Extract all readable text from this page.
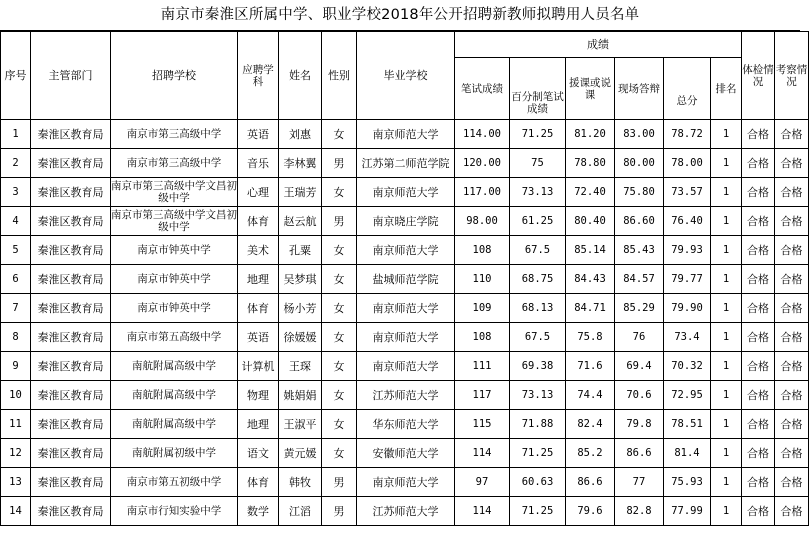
南京市秦淮区所属中学、职业学校2018年公开招聘新教师拟聘用人员名单
序号	主管部门	招聘学校	应聘学科	姓名	性别	毕业学校	成绩						体检情况	考察情况
							笔试成绩	百分制笔试成绩	援课或说课	现场答辩	总分	排名		
1	秦淮区教育局	南京市第三高级中学	英语	刘惠	女	南京师范大学	114.00	71.25	81.20	83.00	78.72	1	合格	合格
2	秦淮区教育局	南京市第三高级中学	音乐	李林翼	男	江苏第二师范学院	120.00	75	78.80	80.00	78.00	1	合格	合格
3	秦淮区教育局	南京市第三高级中学文昌初级中学	心理	王瑞芳	女	南京师范大学	117.00	73.13	72.40	75.80	73.57	1	合格	合格
4	秦淮区教育局	南京市第三高级中学文昌初级中学	体育	赵云航	男	南京晓庄学院	98.00	61.25	80.40	86.60	76.40	1	合格	合格
5	秦淮区教育局	南京市钟英中学	美术	孔粟	女	南京师范大学	108	67.5	85.14	85.43	79.93	1	合格	合格
6	秦淮区教育局	南京市钟英中学	地理	吴梦琪	女	盐城师范学院	110	68.75	84.43	84.57	79.77	1	合格	合格
7	秦淮区教育局	南京市钟英中学	体育	杨小芳	女	南京师范大学	109	68.13	84.71	85.29	79.90	1	合格	合格
8	秦淮区教育局	南京市第五高级中学	英语	徐媛媛	女	南京师范大学	108	67.5	75.8	76	73.4	1	合格	合格
9	秦淮区教育局	南航附属高级中学	计算机	王琛	女	南京师范大学	111	69.38	71.6	69.4	70.32	1	合格	合格
10	秦淮区教育局	南航附属高级中学	物理	姚娟娟	女	江苏师范大学	117	73.13	74.4	70.6	72.95	1	合格	合格
11	秦淮区教育局	南航附属高级中学	地理	王淑平	女	华东师范大学	115	71.88	82.4	79.8	78.51	1	合格	合格
12	秦淮区教育局	南航附属初级中学	语文	黄元媛	女	安徽师范大学	114	71.25	85.2	86.6	81.4	1	合格	合格
13	秦淮区教育局	南京市第五初级中学	体育	韩牧	男	南京师范大学	97	60.63	86.6	77	75.93	1	合格	合格
14	秦淮区教育局	南京市行知实验中学	数学	江滔	男	江苏师范大学	114	71.25	79.6	82.8	77.99	1	合格	合格
